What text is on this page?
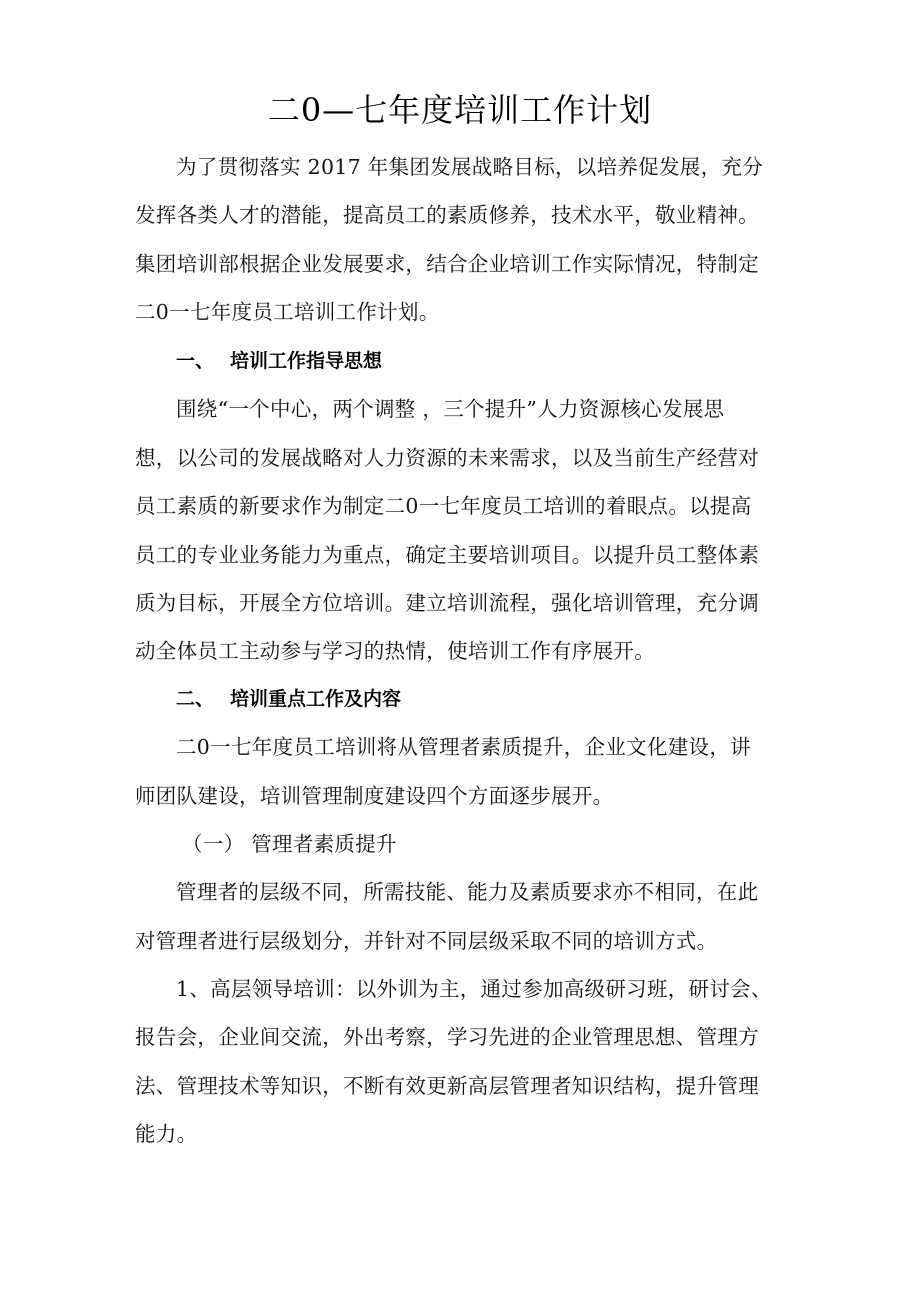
二0—七年度培训工作计划
为了贯彻落实 2017 年集团发展战略目标，以培养促发展，充分
发挥各类人才的潜能，提高员工的素质修养，技术水平，敬业精神。
集团培训部根据企业发展要求，结合企业培训工作实际情况，特制定
二0一七年度员工培训工作计划。
一、 培训工作指导思想
围绕“一个中心，两个调整 ，三个提升”人力资源核心发展思
想，以公司的发展战略对人力资源的未来需求，以及当前生产经营对
员工素质的新要求作为制定二0一七年度员工培训的着眼点。以提高
员工的专业业务能力为重点，确定主要培训项目。以提升员工整体素
质为目标，开展全方位培训。建立培训流程，强化培训管理，充分调
动全体员工主动参与学习的热情，使培训工作有序展开。
二、 培训重点工作及内容
二0一七年度员工培训将从管理者素质提升，企业文化建设，讲
师团队建设，培训管理制度建设四个方面逐步展开。
（一） 管理者素质提升
管理者的层级不同，所需技能、能力及素质要求亦不相同，在此
对管理者进行层级划分，并针对不同层级采取不同的培训方式。
1、高层领导培训：以外训为主，通过参加高级研习班，研讨会、
报告会，企业间交流，外出考察，学习先进的企业管理思想、管理方
法、管理技术等知识，不断有效更新高层管理者知识结构，提升管理
能力。
